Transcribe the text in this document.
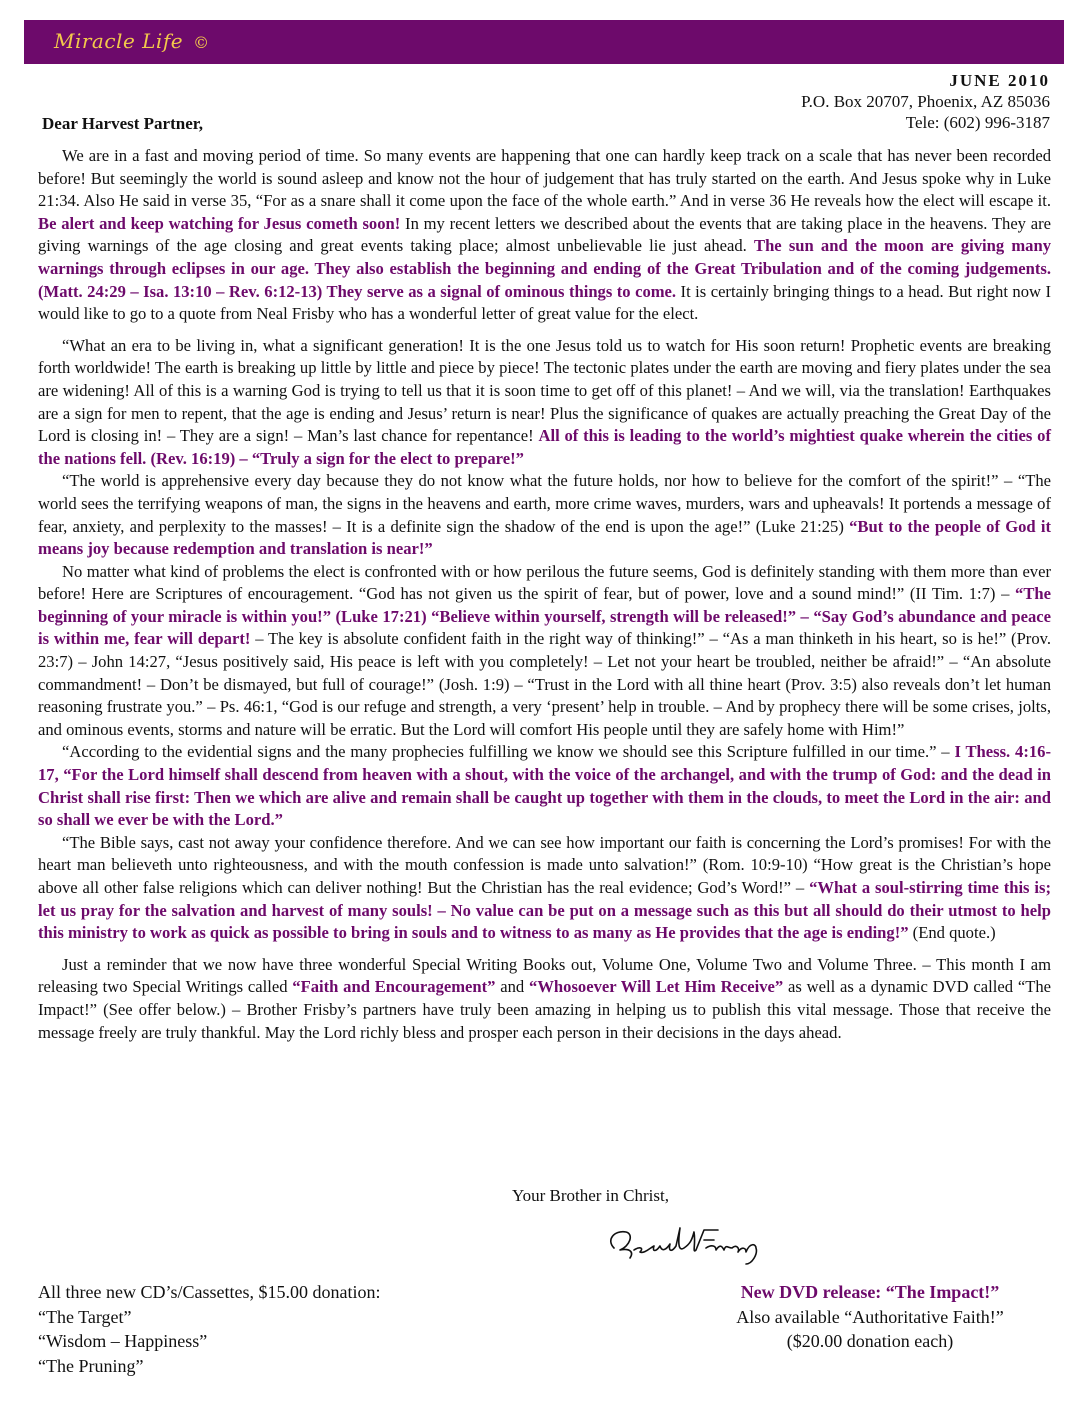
Miracle Life ©
JUNE 2010
P.O. Box 20707, Phoenix, AZ 85036
Tele: (602) 996-3187
Dear Harvest Partner,

We are in a fast and moving period of time. So many events are happening that one can hardly keep track on a scale that has never been recorded before! But seemingly the world is sound asleep and know not the hour of judgement that has truly started on the earth. And Jesus spoke why in Luke 21:34. Also He said in verse 35, “For as a snare shall it come upon the face of the whole earth.” And in verse 36 He reveals how the elect will escape it. Be alert and keep watching for Jesus cometh soon! In my recent letters we described about the events that are taking place in the heavens. They are giving warnings of the age closing and great events taking place; almost unbelievable lie just ahead. The sun and the moon are giving many warnings through eclipses in our age. They also establish the beginning and ending of the Great Tribulation and of the coming judgements. (Matt. 24:29 – Isa. 13:10 – Rev. 6:12-13) They serve as a signal of ominous things to come. It is certainly bringing things to a head. But right now I would like to go to a quote from Neal Frisby who has a wonderful letter of great value for the elect.

“What an era to be living in, what a significant generation! It is the one Jesus told us to watch for His soon return! Prophetic events are breaking forth worldwide! The earth is breaking up little by little and piece by piece! The tectonic plates under the earth are moving and fiery plates under the sea are widening! All of this is a warning God is trying to tell us that it is soon time to get off of this planet! – And we will, via the translation! Earthquakes are a sign for men to repent, that the age is ending and Jesus’ return is near! Plus the significance of quakes are actually preaching the Great Day of the Lord is closing in! – They are a sign! – Man’s last chance for repentance! All of this is leading to the world’s mightiest quake wherein the cities of the nations fell. (Rev. 16:19) – “Truly a sign for the elect to prepare!”

“The world is apprehensive every day because they do not know what the future holds, nor how to believe for the comfort of the spirit!” – “The world sees the terrifying weapons of man, the signs in the heavens and earth, more crime waves, murders, wars and upheavals! It portends a message of fear, anxiety, and perplexity to the masses! – It is a definite sign the shadow of the end is upon the age!” (Luke 21:25) “But to the people of God it means joy because redemption and translation is near!”

No matter what kind of problems the elect is confronted with or how perilous the future seems, God is definitely standing with them more than ever before! Here are Scriptures of encouragement. “God has not given us the spirit of fear, but of power, love and a sound mind!” (II Tim. 1:7) – “The beginning of your miracle is within you!” (Luke 17:21) “Believe within yourself, strength will be released!” – “Say God’s abundance and peace is within me, fear will depart! – The key is absolute confident faith in the right way of thinking!” – “As a man thinketh in his heart, so is he!” (Prov. 23:7) – John 14:27, “Jesus positively said, His peace is left with you completely! – Let not your heart be troubled, neither be afraid!” – “An absolute commandment! – Don’t be dismayed, but full of courage!” (Josh. 1:9) – “Trust in the Lord with all thine heart (Prov. 3:5) also reveals don’t let human reasoning frustrate you.” – Ps. 46:1, “God is our refuge and strength, a very ‘present’ help in trouble. – And by prophecy there will be some crises, jolts, and ominous events, storms and nature will be erratic. But the Lord will comfort His people until they are safely home with Him!”

“According to the evidential signs and the many prophecies fulfilling we know we should see this Scripture fulfilled in our time.” – I Thess. 4:16-17, “For the Lord himself shall descend from heaven with a shout, with the voice of the archangel, and with the trump of God: and the dead in Christ shall rise first: Then we which are alive and remain shall be caught up together with them in the clouds, to meet the Lord in the air: and so shall we ever be with the Lord.”

“The Bible says, cast not away your confidence therefore. And we can see how important our faith is concerning the Lord’s promises! For with the heart man believeth unto righteousness, and with the mouth confession is made unto salvation!” (Rom. 10:9-10) “How great is the Christian’s hope above all other false religions which can deliver nothing! But the Christian has the real evidence; God’s Word!” – “What a soul-stirring time this is; let us pray for the salvation and harvest of many souls! – No value can be put on a message such as this but all should do their utmost to help this ministry to work as quick as possible to bring in souls and to witness to as many as He provides that the age is ending!” (End quote.)

Just a reminder that we now have three wonderful Special Writing Books out, Volume One, Volume Two and Volume Three. – This month I am releasing two Special Writings called “Faith and Encouragement” and “Whosoever Will Let Him Receive” as well as a dynamic DVD called “The Impact!” (See offer below.) – Brother Frisby’s partners have truly been amazing in helping us to publish this vital message. Those that receive the message freely are truly thankful. May the Lord richly bless and prosper each person in their decisions in the days ahead.

Your Brother in Christ,
All three new CD’s/Cassettes, $15.00 donation:
“The Target”
“Wisdom – Happiness”
“The Pruning”
New DVD release: “The Impact!”
Also available “Authoritative Faith!”
($20.00 donation each)
